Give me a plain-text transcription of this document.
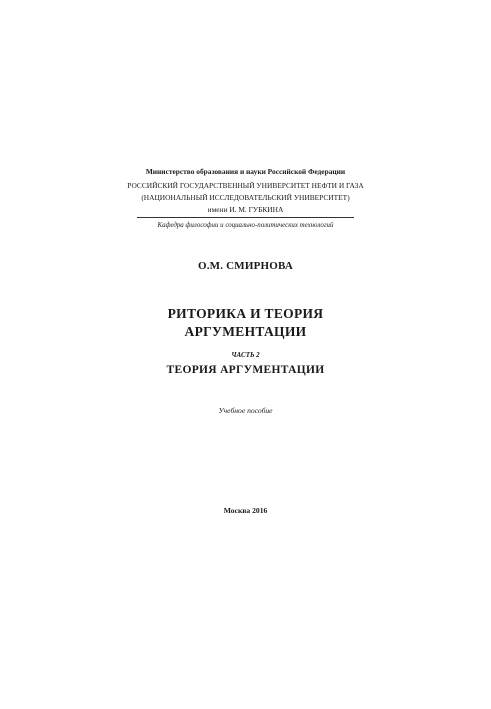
Министерство образования и науки Российской Федерации
РОССИЙСКИЙ ГОСУДАРСТВЕННЫЙ УНИВЕРСИТЕТ НЕФТИ И ГАЗА
(НАЦИОНАЛЬНЫЙ ИССЛЕДОВАТЕЛЬСКИЙ УНИВЕРСИТЕТ)
имени И. М. ГУБКИНА
Кафедра философии и социально-политических технологий
О.М. СМИРНОВА
РИТОРИКА И ТЕОРИЯ
АРГУМЕНТАЦИИ
ЧАСТЬ 2
ТЕОРИЯ АРГУМЕНТАЦИИ
Учебное пособие
Москва 2016
